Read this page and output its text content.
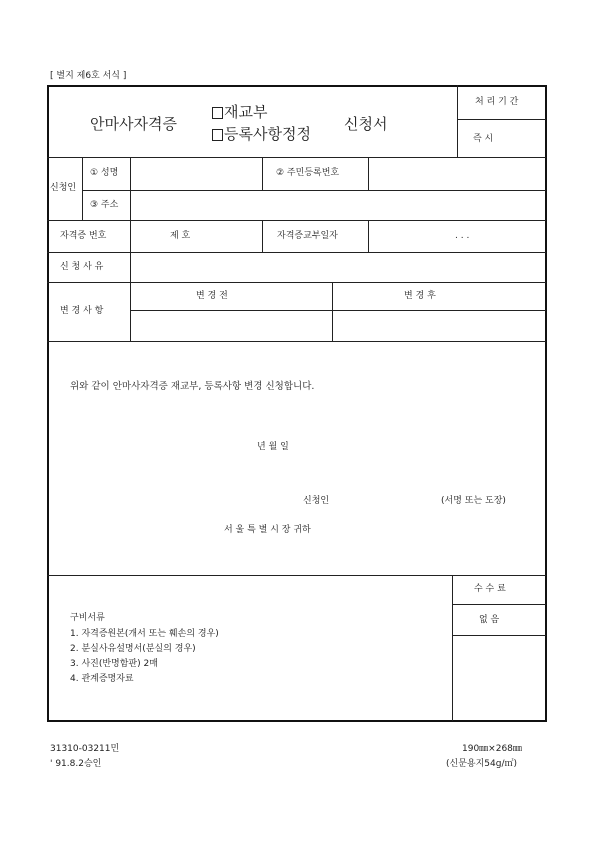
[ 별지 제6호 서식 ]
안마사자격증
재교부
등록사항정정
신청서
처 리 기 간
즉 시
신청인
① 성명	② 주민등록번호
③ 주소
자격증 번호	제 호	자격증교부일자	. . .
신 청 사 유
변 경 사 항
변 경 전	변 경 후
위와 같이 안마사자격증 재교부, 등록사항 변경 신청합니다.
년 월 일
신청인	(서명 또는 도장)
서 울 특 별 시 장 귀하
수 수 료
없 음
구비서류
1. 자격증원본(개서 또는 훼손의 경우)
2. 분실사유설명서(분실의 경우)
3. 사진(반명함판) 2매
4. 관계증명자료
31310-03211민
' 91.8.2승인
190㎜×268㎜
(신문용지54g/㎡)
